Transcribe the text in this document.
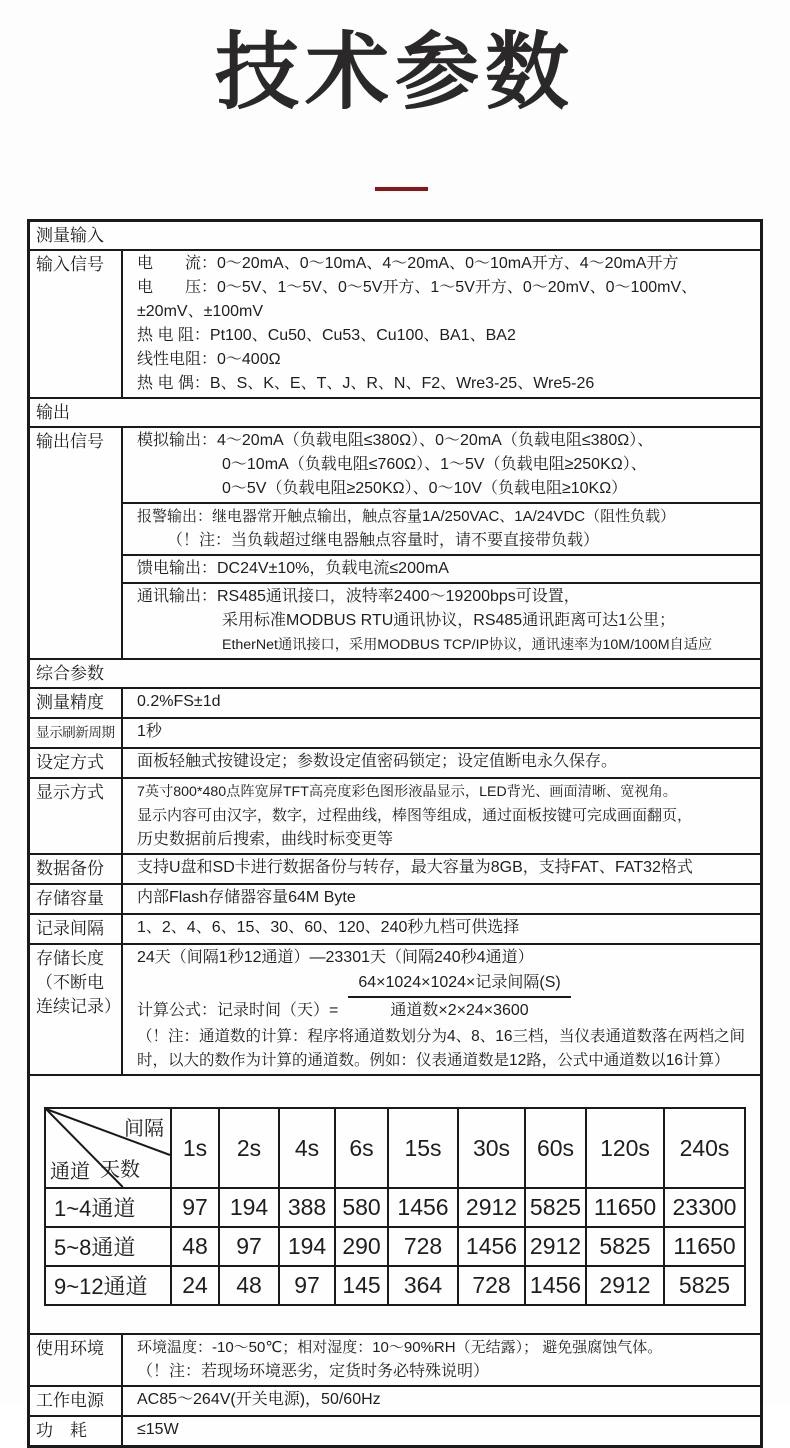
技术参数
测量输入
输入信号	电　　流：0～20mA、0～10mA、4～20mA、0～10mA开方、4～20mA开方
电　　压：0～5V、1～5V、0～5V开方、1～5V开方、0～20mV、0～100mV、
±20mV、±100mV
热 电 阻：Pt100、Cu50、Cu53、Cu100、BA1、BA2
线性电阻：0～400Ω
热 电 偶：B、S、K、E、T、J、R、N、F2、Wre3-25、Wre5-26
输出
输出信号	模拟输出：4～20mA（负载电阻≤380Ω）、0～20mA（负载电阻≤380Ω）、
0～10mA（负载电阻≤760Ω）、1～5V（负载电阻≥250KΩ）、
0～5V（负载电阻≥250KΩ）、0～10V（负载电阻≥10KΩ）
报警输出：继电器常开触点输出，触点容量1A/250VAC、1A/24VDC（阻性负载）
（！注：当负载超过继电器触点容量时，请不要直接带负载）
馈电输出：DC24V±10%，负载电流≤200mA
通讯输出：RS485通讯接口，波特率2400～19200bps可设置，
采用标准MODBUS RTU通讯协议，RS485通讯距离可达1公里；
EtherNet通讯接口，采用MODBUS TCP/IP协议，通讯速率为10M/100M自适应
综合参数
测量精度	0.2%FS±1d
显示刷新周期	1秒
设定方式	面板轻触式按键设定；参数设定值密码锁定；设定值断电永久保存。
显示方式	7英寸800*480点阵宽屏TFT高亮度彩色图形液晶显示，LED背光、画面清晰、宽视角。
显示内容可由汉字，数字，过程曲线，棒图等组成，通过面板按键可完成画面翻页，
历史数据前后搜索，曲线时标变更等
数据备份	支持U盘和SD卡进行数据备份与转存，最大容量为8GB，支持FAT、FAT32格式
存储容量	内部Flash存储器容量64M Byte
记录间隔	1、2、4、6、15、30、60、120、240秒九档可供选择
存储长度
（不断电
连续记录）
24天（间隔1秒12通道）—23301天（间隔240秒4通道）
计算公式：记录时间（天）= $\frac{\text{64×1024×1024×记录间隔(S)}}{\text{通道数×2×24×3600}}$
（！注：通道数的计算：程序将通道数划分为4、8、16三档，当仪表通道数落在两档之间时，以大的数作为计算的通道数。例如：仪表通道数是12路，公式中通道数以16计算）
间隔
天数
通道	1s	2s	4s	6s	15s	30s	60s	120s	240s
1~4通道	97	194	388	580	1456	2912	5825	11650	23300
5~8通道	48	97	194	290	728	1456	2912	5825	11650
9~12通道	24	48	97	145	364	728	1456	2912	5825
使用环境	环境温度：-10～50℃；相对湿度：10～90%RH（无结露）； 避免强腐蚀气体。
（！注：若现场环境恶劣，定货时务必特殊说明）
工作电源	AC85～264V(开关电源)，50/60Hz
功　耗	≤15W
